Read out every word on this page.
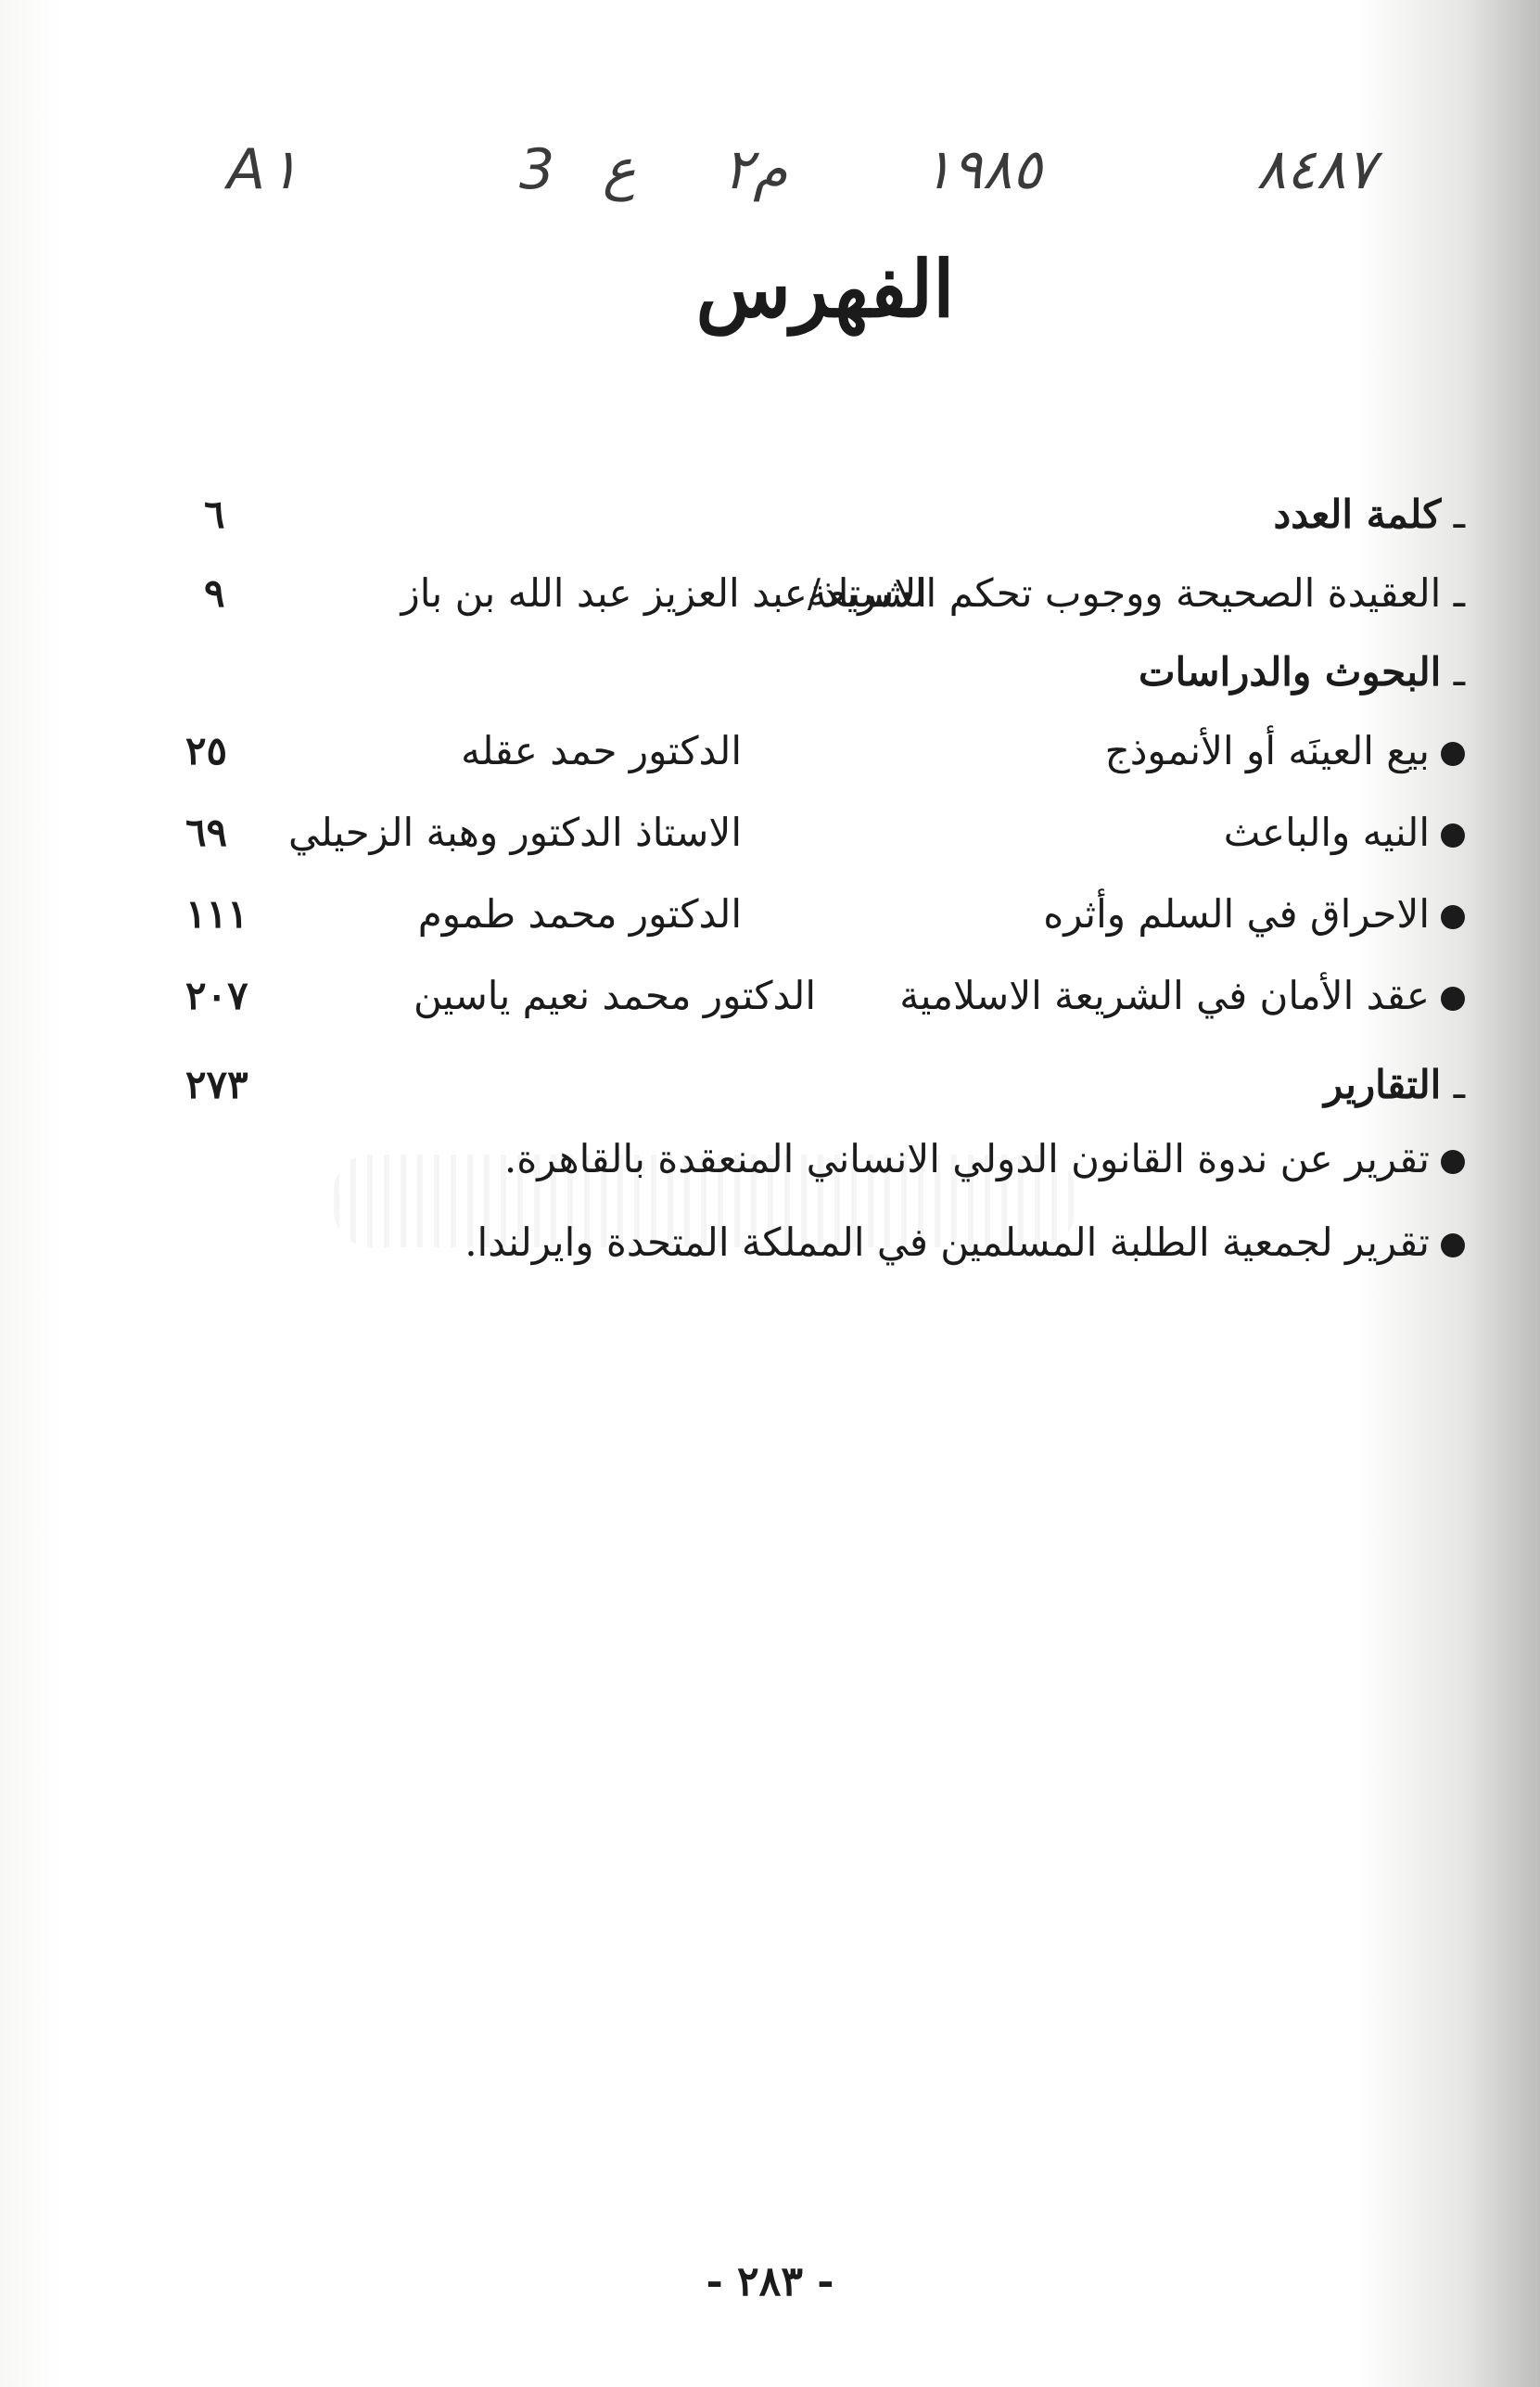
A١	3 ع م٢ ١٩٨٥	٨٤٨٧
الفهرس
ـ كلمة العدد
٦
ـ العقيدة الصحيحة ووجوب تحكم الشريعة
الاستاذ/عبد العزيز عبد الله بن باز
٩
ـ البحوث والدراسات
بيع العينَه أو الأنموذج
الدكتور حمد عقله
٢٥
النيه والباعث
الاستاذ الدكتور وهبة الزحيلي
٦٩
الاحراق في السلم وأثره
الدكتور محمد طموم
١١١
عقد الأمان في الشريعة الاسلامية
الدكتور محمد نعيم ياسين
٢٠٧
ـ التقارير
٢٧٣
تقرير عن ندوة القانون الدولي الانساني المنعقدة بالقاهرة.
تقرير لجمعية الطلبة المسلمين في المملكة المتحدة وايرلندا.
- ٢٨٣ -
